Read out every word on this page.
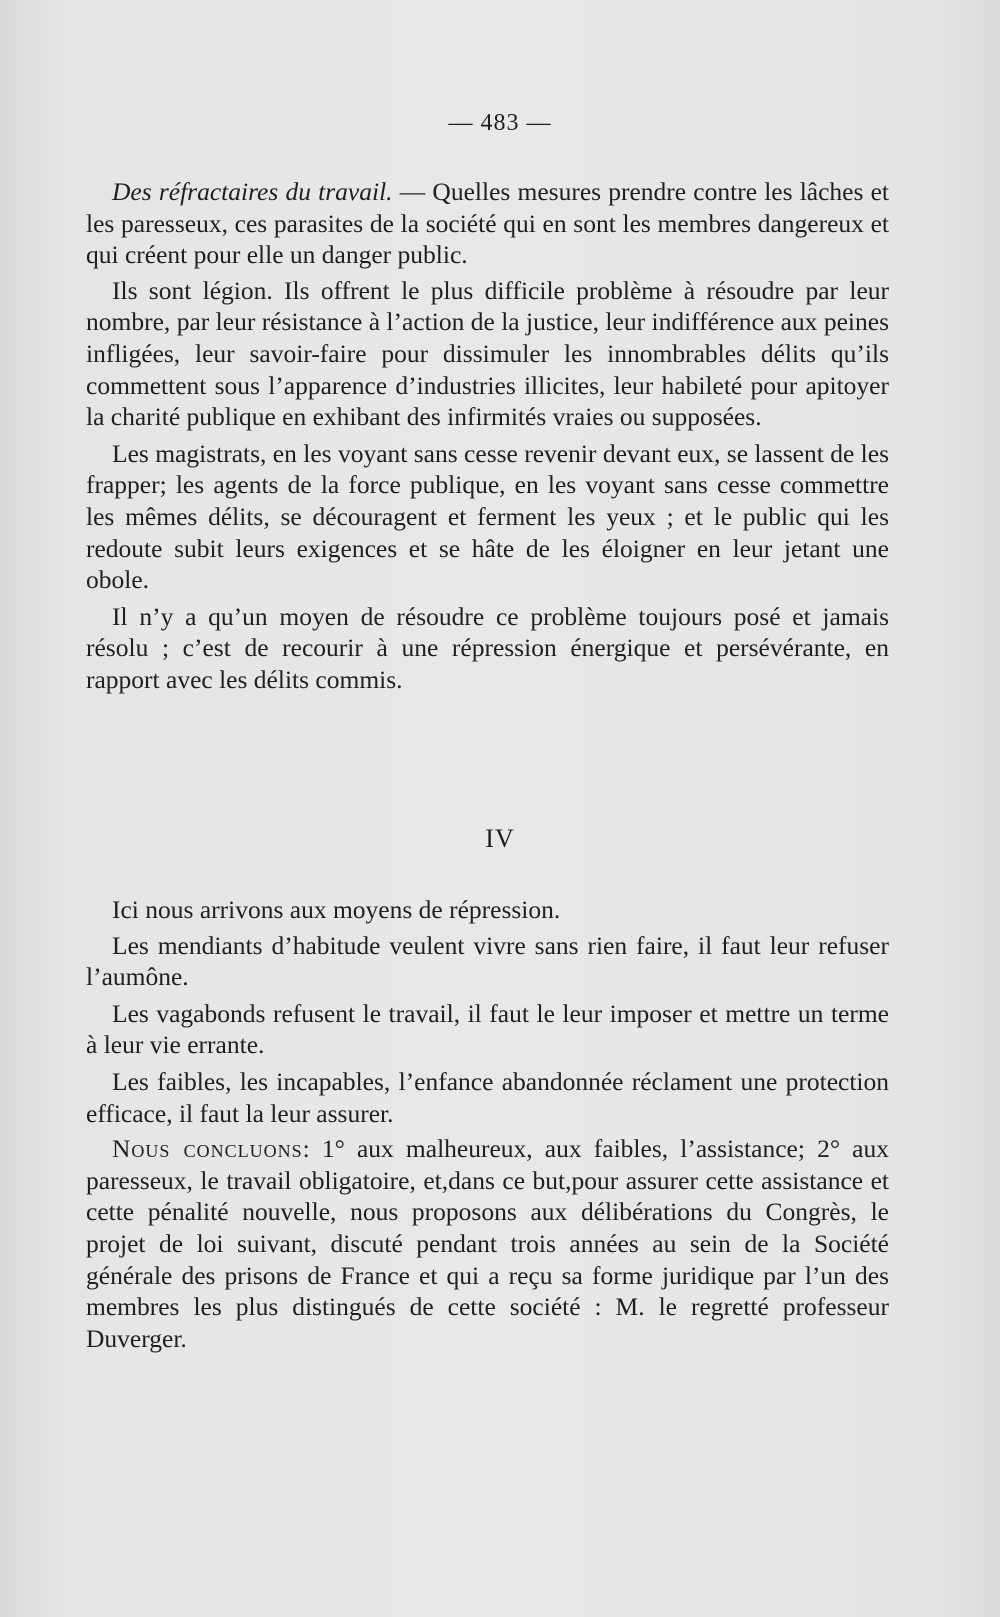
— 483 —

Des réfractaires du travail. — Quelles mesures prendre contre les lâches et les paresseux, ces parasites de la société qui en sont les membres dangereux et qui créent pour elle un danger public.

Ils sont légion. Ils offrent le plus difficile problème à résoudre par leur nombre, par leur résistance à l’action de la justice, leur indifférence aux peines infligées, leur savoir-faire pour dissimuler les innombrables délits qu’ils commettent sous l’apparence d’industries illicites, leur habileté pour apitoyer la charité publique en exhibant des infirmités vraies ou supposées.

Les magistrats, en les voyant sans cesse revenir devant eux, se lassent de les frapper; les agents de la force publique, en les voyant sans cesse commettre les mêmes délits, se découragent et ferment les yeux ; et le public qui les redoute subit leurs exigences et se hâte de les éloigner en leur jetant une obole.

Il n’y a qu’un moyen de résoudre ce problème toujours posé et jamais résolu ; c’est de recourir à une répression énergique et persévérante, en rapport avec les délits commis.

IV

Ici nous arrivons aux moyens de répression.

Les mendiants d’habitude veulent vivre sans rien faire, il faut leur refuser l’aumône.

Les vagabonds refusent le travail, il faut le leur imposer et mettre un terme à leur vie errante.

Les faibles, les incapables, l’enfance abandonnée réclament une protection efficace, il faut la leur assurer.

Nous concluons: 1° aux malheureux, aux faibles, l’assistance; 2° aux paresseux, le travail obligatoire, et,dans ce but,pour assurer cette assistance et cette pénalité nouvelle, nous proposons aux délibérations du Congrès, le projet de loi suivant, discuté pendant trois années au sein de la Société générale des prisons de France et qui a reçu sa forme juridique par l’un des membres les plus distingués de cette société : M. le regretté professeur Duverger.
